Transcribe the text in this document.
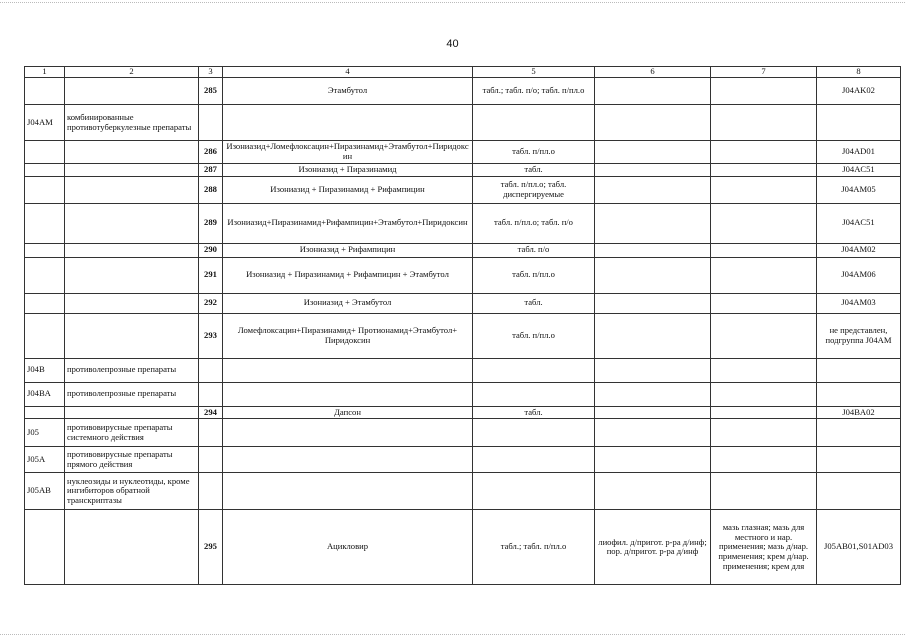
40
1	2	3	4	5	6	7	8
		285	Этамбутол	табл.; табл. п/о; табл. п/пл.о			J04AK02
J04AM	комбинированные противотуберкулезные препараты						
		286	Изониазид+Ломефлоксацин+Пиразинамид+Этамбутол+Пиридоксин	табл. п/пл.о			J04AD01
		287	Изониазид + Пиразинамид	табл.			J04AC51
		288	Изониазид + Пиразинамид + Рифампицин	табл. п/пл.о; табл. диспергируемые			J04AM05
		289	Изониазид+Пиразинамид+Рифампицин+Этамбутол+Пиридоксин	табл. п/пл.о; табл. п/о			J04AC51
		290	Изониазид + Рифампицин	табл. п/о			J04AM02
		291	Изониазид + Пиразинамид + Рифампицин + Этамбутол	табл. п/пл.о			J04AM06
		292	Изониазид + Этамбутол	табл.			J04AM03
		293	Ломефлоксацин+Пиразинамид+ Протионамид+Этамбутол+ Пиридоксин	табл. п/пл.о			не представлен, подгруппа J04AM
J04B	противолепрозные препараты						
J04BA	противолепрозные препараты						
		294	Дапсон	табл.			J04BA02
J05	противовирусные препараты системного действия						
J05A	противовирусные препараты прямого действия						
J05AB	нуклеозиды и нуклеотиды, кроме ингибиторов обратной транскриптазы						
		295	Ацикловир	табл.; табл. п/пл.о	лиофил. д/пригот. р-ра д/инф; пор. д/пригот. р-ра д/инф	мазь глазная; мазь для местного и нар. применения; мазь д/нар. применения; крем д/нар. применения; крем для	J05AB01,S01AD03
